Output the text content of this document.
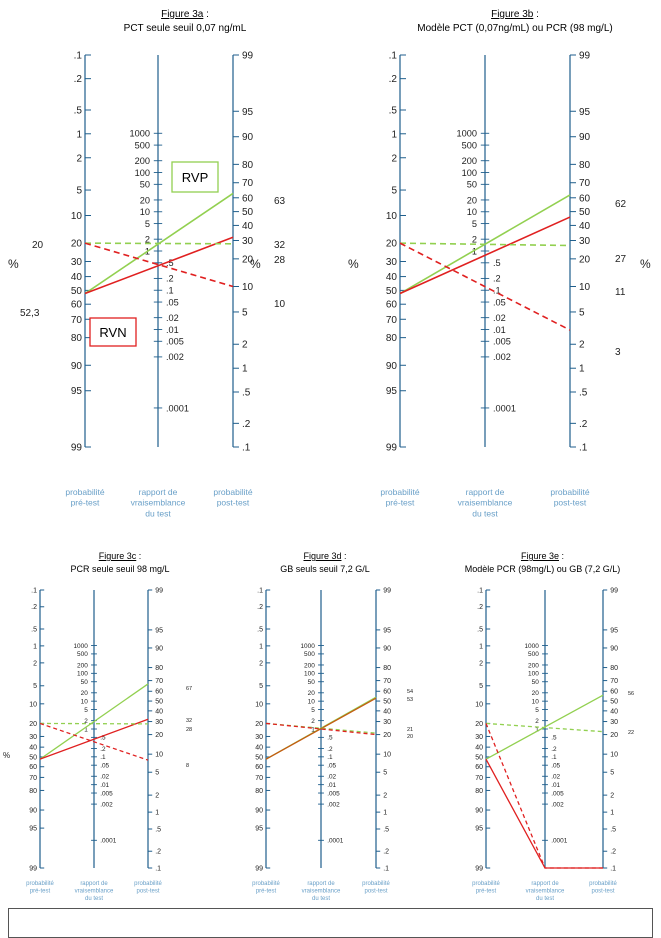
Figure 3a :
PCT seule seuil 0,07 ng/mL
Figure 3b :
Modèle PCT (0,07ng/mL) ou PCR (98 mg/L)
Figure 3c :
PCR seule seuil 98 mg/L
Figure 3d :
GB seuls seuil 7,2 G/L
Figure 3e :
Modèle PCR (98mg/L) ou GB (7,2 G/L)
.1
.2
.5
1
2
5
10
20
30
40
50
60
70
80
90
95
99
99
95
90
80
70
60
50
40
30
20
10
5
2
1
.5
.2
.1
1000
500
200
100
50
20
10
5
2
1
.5
.2
.1
.05
.02
.01
.005
.002
.0001
20
52,3
63
32
28
10
%	%
RVP
RVN
probabilité
pré-test
rapport de
vraisemblance
du test
probabilité
post-test
.1
.2
.5
1
2
5
10
20
30
40
50
60
70
80
90
95
99
99
95
90
80
70
60
50
40
30
20
10
5
2
1
.5
.2
.1
1000
500
200
100
50
20
10
5
2
1
.5
.2
.1
.05
.02
.01
.005
.002
.0001
62
27
11
3
%	%
probabilité
pré-test
rapport de
vraisemblance
du test
probabilité
post-test
.1
.2
.5
1
2
5
10
20
30
40
50
60
70
80
90
95
99
99
95
90
80
70
60
50
40
30
20
10
5
2
1
.5
.2
.1
1000
500
200
100
50
20
10
5
2
1
.5
.2
.1
.05
.02
.01
.005
.002
.0001
67
32
28
8
%
probabilité
pré-test
rapport de
vraisemblance
du test
probabilité
post-test
.1
.2
.5
1
2
5
10
20
30
40
50
60
70
80
90
95
99
99
95
90
80
70
60
50
40
30
20
10
5
2
1
.5
.2
.1
1000
500
200
100
50
20
10
5
2
1
.5
.2
.1
.05
.02
.01
.005
.002
.0001
54
53
21
20
probabilité
pré-test
rapport de
vraisemblance
du test
probabilité
post-test
.1
.2
.5
1
2
5
10
20
30
40
50
60
70
80
90
95
99
99
95
90
80
70
60
50
40
30
20
10
5
2
1
.5
.2
.1
1000
500
200
100
50
20
10
5
2
1
.5
.2
.1
.05
.02
.01
.005
.002
.0001
56
22
probabilité
pré-test
rapport de
vraisemblance
du test
probabilité
post-test
